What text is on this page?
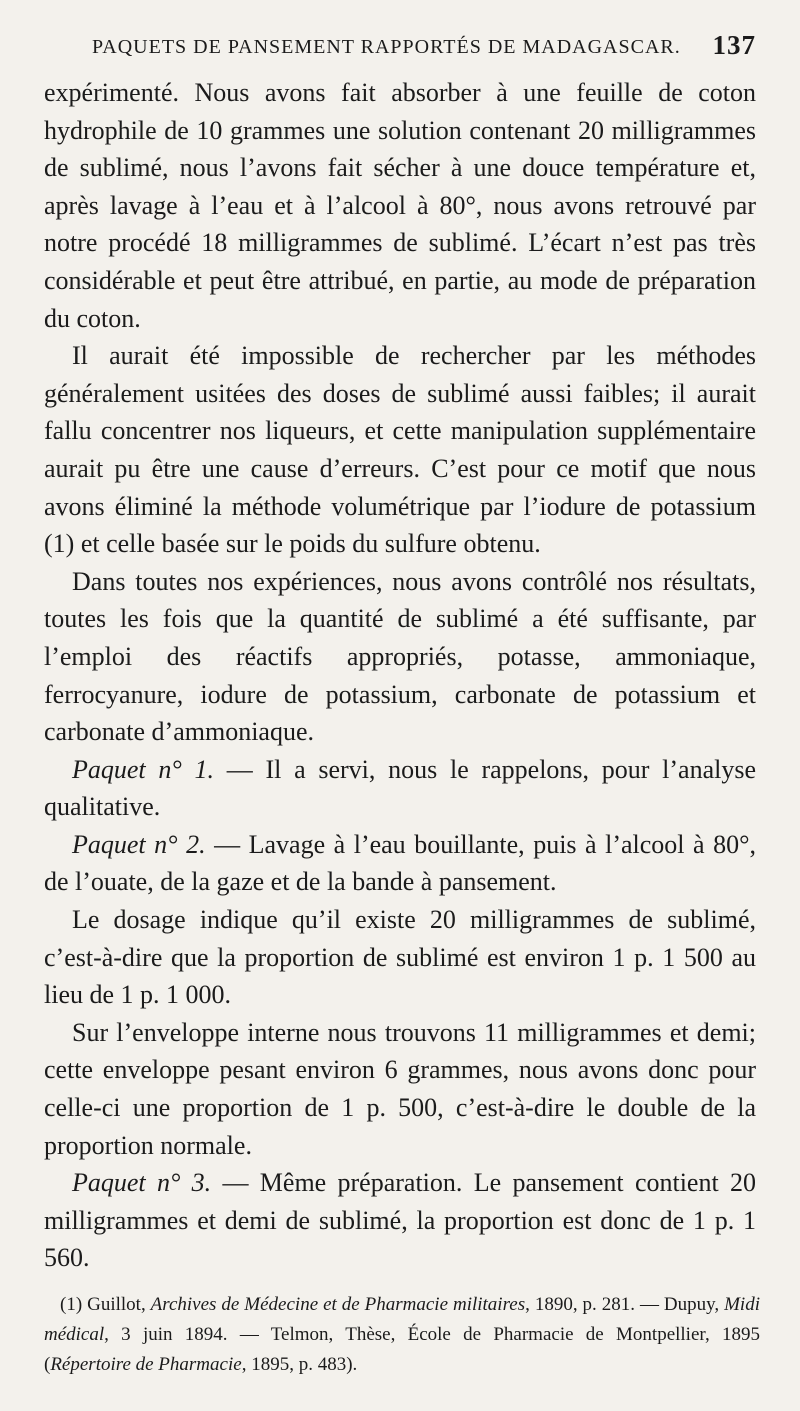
PAQUETS DE PANSEMENT RAPPORTÉS DE MADAGASCAR. 137

expérimenté. Nous avons fait absorber à une feuille de coton hydrophile de 10 grammes une solution contenant 20 milligrammes de sublimé, nous l’avons fait sécher à une douce température et, après lavage à l’eau et à l’alcool à 80°, nous avons retrouvé par notre procédé 18 milligrammes de sublimé. L’écart n’est pas très considérable et peut être attribué, en partie, au mode de préparation du coton.

Il aurait été impossible de rechercher par les méthodes généralement usitées des doses de sublimé aussi faibles; il aurait fallu concentrer nos liqueurs, et cette manipulation supplémentaire aurait pu être une cause d’erreurs. C’est pour ce motif que nous avons éliminé la méthode volumétrique par l’iodure de potassium (1) et celle basée sur le poids du sulfure obtenu.

Dans toutes nos expériences, nous avons contrôlé nos résultats, toutes les fois que la quantité de sublimé a été suffisante, par l’emploi des réactifs appropriés, potasse, ammoniaque, ferrocyanure, iodure de potassium, carbonate de potassium et carbonate d’ammoniaque.

Paquet n° 1. — Il a servi, nous le rappelons, pour l’analyse qualitative.

Paquet n° 2. — Lavage à l’eau bouillante, puis à l’alcool à 80°, de l’ouate, de la gaze et de la bande à pansement.

Le dosage indique qu’il existe 20 milligrammes de sublimé, c’est-à-dire que la proportion de sublimé est environ 1 p. 1 500 au lieu de 1 p. 1 000.

Sur l’enveloppe interne nous trouvons 11 milligrammes et demi; cette enveloppe pesant environ 6 grammes, nous avons donc pour celle-ci une proportion de 1 p. 500, c’est-à-dire le double de la proportion normale.

Paquet n° 3. — Même préparation. Le pansement contient 20 milligrammes et demi de sublimé, la proportion est donc de 1 p. 1 560.

(1) Guillot, Archives de Médecine et de Pharmacie militaires, 1890, p. 281. — Dupuy, Midi médical, 3 juin 1894. — Telmon, Thèse, École de Pharmacie de Montpellier, 1895 (Répertoire de Pharmacie, 1895, p. 483).
